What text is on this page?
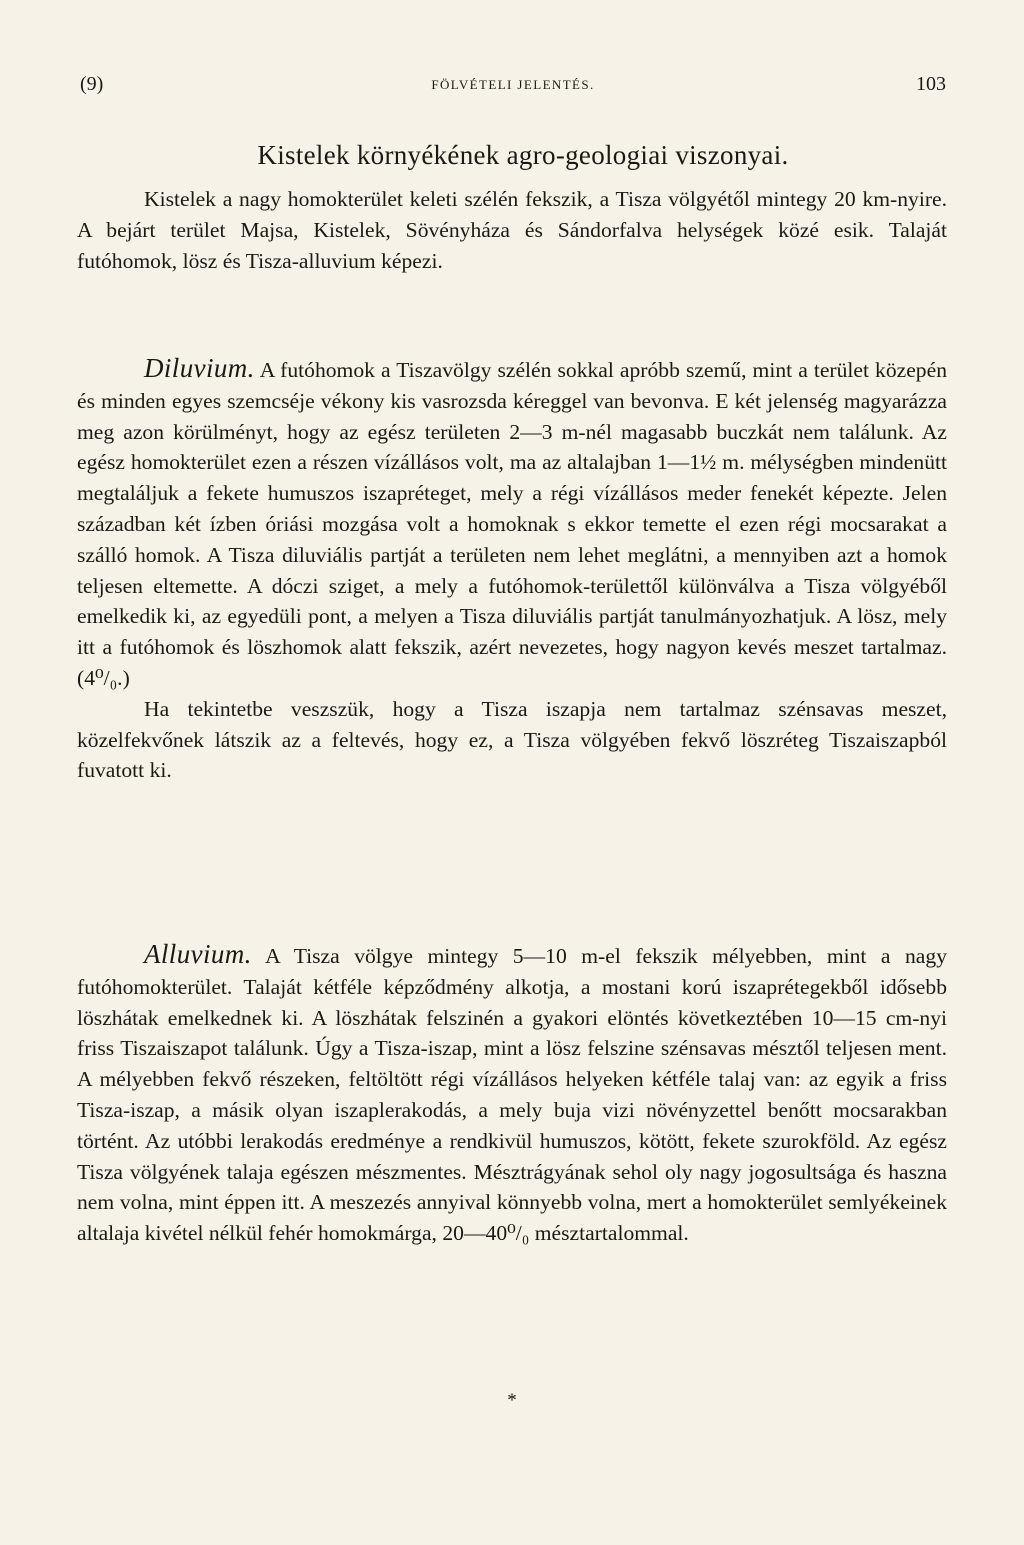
(9)	FÖLVÉTELI JELENTÉS.	103
Kistelek környékének agro-geologiai viszonyai.

Kistelek a nagy homokterület keleti szélén fekszik, a Tisza völgyétől mintegy 20 km-nyire. A bejárt terület Majsa, Kistelek, Sövényháza és Sándorfalva helységek közé esik. Talaját futóhomok, lösz és Tisza-alluvium képezi.

Diluvium. A futóhomok a Tiszavölgy szélén sokkal apróbb szemű, mint a terület közepén és minden egyes szemcséje vékony kis vasrozsda kéreggel van bevonva. E két jelenség magyarázza meg azon körülményt, hogy az egész területen 2—3 m-nél magasabb buczkát nem találunk. Az egész homokterület ezen a részen vízállásos volt, ma az altalajban 1—1½ m. mélységben mindenütt megtaláljuk a fekete humuszos iszapréteget, mely a régi vízállásos meder fenekét képezte. Jelen században két ízben óriási mozgása volt a homoknak s ekkor temette el ezen régi mocsarakat a szálló homok. A Tisza diluviális partját a területen nem lehet meglátni, a mennyiben azt a homok teljesen eltemette. A dóczi sziget, a mely a futóhomok-területtől különválva a Tisza völgyéből emelkedik ki, az egyedüli pont, a melyen a Tisza diluviális partját tanulmányozhatjuk. A lösz, mely itt a futóhomok és löszhomok alatt fekszik, azért nevezetes, hogy nagyon kevés meszet tartalmaz. (4⁰/₀.)

Ha tekintetbe veszszük, hogy a Tisza iszapja nem tartalmaz szénsavas meszet, közelfekvőnek látszik az a feltevés, hogy ez, a Tisza völgyében fekvő löszréteg Tiszaiszapból fuvatott ki.

Alluvium. A Tisza völgye mintegy 5—10 m-el fekszik mélyebben, mint a nagy futóhomokterület. Talaját kétféle képződmény alkotja, a mostani korú iszaprétegekből idősebb löszhátak emelkednek ki. A löszhátak felszinén a gyakori elöntés következtében 10—15 cm-nyi friss Tiszaiszapot találunk. Úgy a Tisza-iszap, mint a lösz felszine szénsavas mésztől teljesen ment. A mélyebben fekvő részeken, feltöltött régi vízállásos helyeken kétféle talaj van: az egyik a friss Tisza-iszap, a másik olyan iszaplerakodás, a mely buja vizi növényzettel benőtt mocsarakban történt. Az utóbbi lerakodás eredménye a rendkivül humuszos, kötött, fekete szurokföld. Az egész Tisza völgyének talaja egészen mészmentes. Mésztrágyának sehol oly nagy jogosultsága és haszna nem volna, mint éppen itt. A meszezés annyival könnyebb volna, mert a homokterület semlyékeinek altalaja kivétel nélkül fehér homokmárga, 20—40⁰/₀ mésztartalommal.

*
